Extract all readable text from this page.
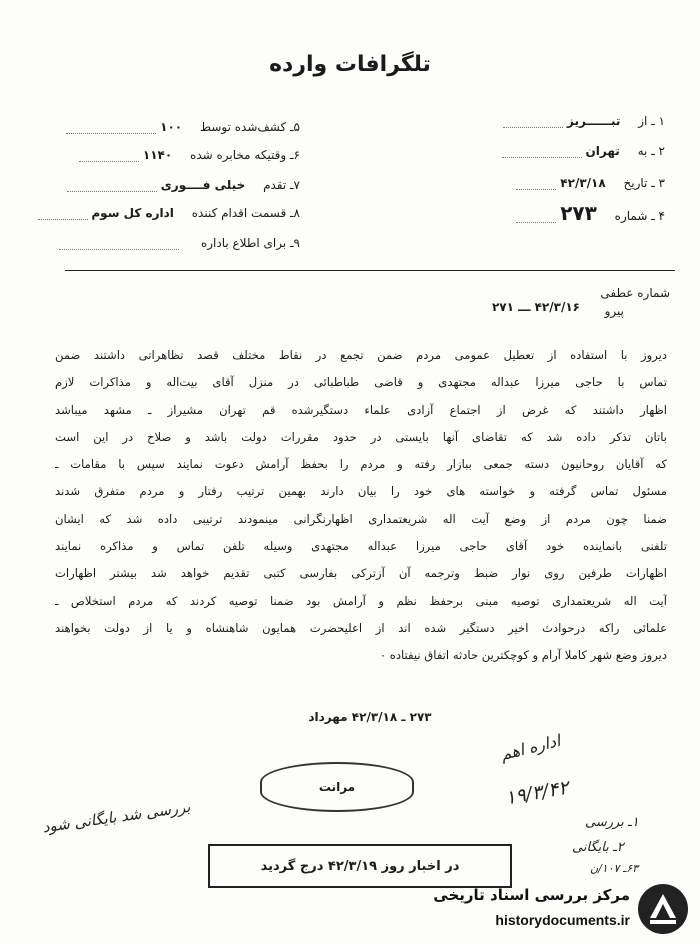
تلگرافات وارده
۱ ـ از تبــــــریز
۲ ـ به تهران
۳ ـ تاریخ ۴۲/۳/۱۸
۴ ـ شماره ۲۷۳
۵ـ کشف‌شده توسط ۱۰۰
۶ـ وقتیکه مخابره شده ۱۱۴۰
۷ـ تقدم خیلی فــــوری
۸ـ قسمت اقدام کننده اداره کل سوم
۹ـ برای اطلاع باداره
شماره عطفی
پیرو
۴۲/۳/۱۶ ـــ ۲۷۱
دیروز با استفاده از تعطیل عمومی مردم ضمن تجمع در نقاط مختلف قصد تظاهراتی داشتند ضمن
تماس با حاجی میرزا عبداله مجتهدی و قاضی طباطبائی در منزل آقای بیت‌اله و مذاکرات لازم
اظهار داشتند که غرض از اجتماع آزادی علماء دستگیرشده قم تهران مشیراز ـ مشهد میباشد
باتان تذکر داده شد که تقاضای آنها بایستی در حدود مقررات دولت باشد و صلاح در این است
که آقایان روحانیون دسته جمعی ببازار رفته و مردم را بحفظ آرامش دعوت نمایند سپس با مقامات ـ
مسئول تماس گرفته و خواسته های خود را بیان دارند بهمین ترتیب رفتار و مردم متفرق شدند
ضمنا چون مردم از وضع آیت اله شریعتمداری اظهارنگرانی مینمودند ترتیبی داده شد که ایشان
تلفنی بانماینده خود آقای حاجی میرزا عبداله مجتهدی وسیله تلفن تماس و مذاکره نمایند
اظهارات طرفین روی نوار ضبط وترجمه آن آزترکی بفارسی کتبی تقدیم خواهد شد بیشتر اظهارات
آیت اله شریعتمداری توصیه مبنی برحفظ نظم و آرامش بود ضمنا توصیه کردند که مردم استخلاص ـ
علمائی راکه درحوادث اخیر دستگیر شده اند از اعلیحضرت همایون شاهنشاه و یا از دولت بخواهند
دیروز وضع شهر کاملا آرام و کوچکترین حادثه اتفاق نیفتاده ۰
۲۷۳ ـ ۴۲/۳/۱۸ مهرداد
مرانت
اداره اهم
۱۹/۳/۴۲
۱ـ بررسی
۲ـ بایگانی
۶۳ـ ۱۰۷/ن
بررسی شد بایگانی شود
در اخبار روز ۴۲/۳/۱۹ درج گردید
مرکز بررسی اسناد تاریخی
historydocuments.ir
